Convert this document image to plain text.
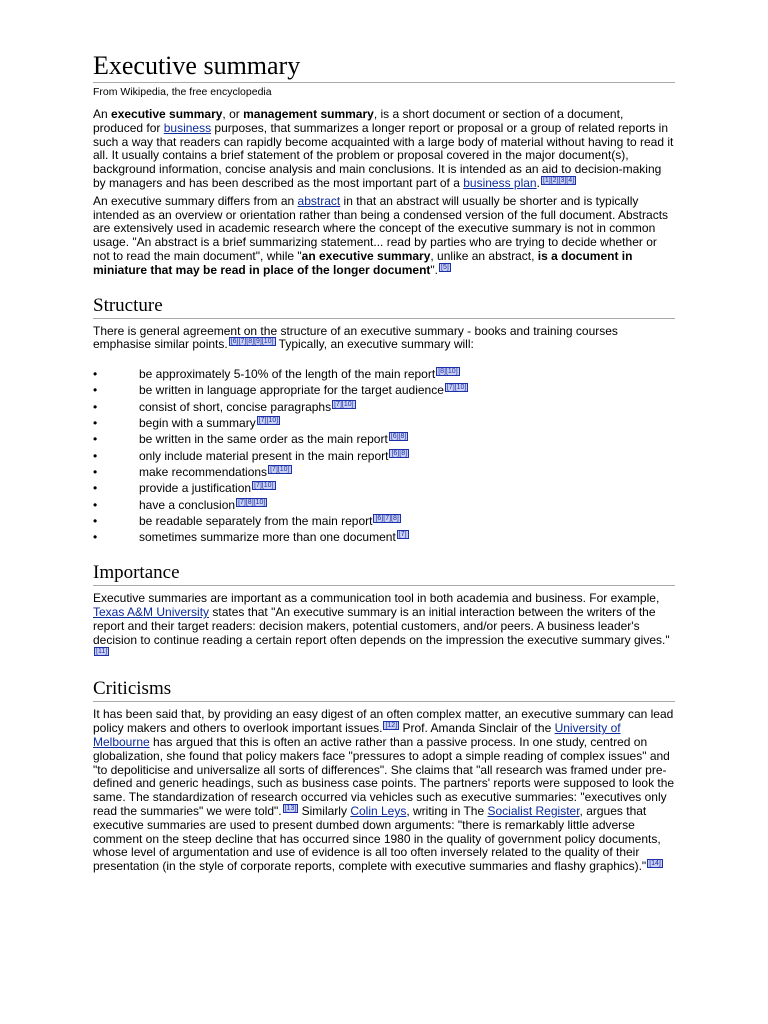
Executive summary
From Wikipedia, the free encyclopedia

An executive summary, or management summary, is a short document or section of a document, produced for business purposes, that summarizes a longer report or proposal or a group of related reports in such a way that readers can rapidly become acquainted with a large body of material without having to read it all. It usually contains a brief statement of the problem or proposal covered in the major document(s), background information, concise analysis and main conclusions. It is intended as an aid to decision-making by managers and has been described as the most important part of a business plan. [1][2][3][4]

An executive summary differs from an abstract in that an abstract will usually be shorter and is typically intended as an overview or orientation rather than being a condensed version of the full document. Abstracts are extensively used in academic research where the concept of the executive summary is not in common usage. "An abstract is a brief summarizing statement... read by parties who are trying to decide whether or not to read the main document", while "an executive summary, unlike an abstract, is a document in miniature that may be read in place of the longer document". [5]

Structure

There is general agreement on the structure of an executive summary - books and training courses emphasise similar points. [6][7][8][9][10] Typically, an executive summary will:

•	be approximately 5-10% of the length of the main report [8][10]
•	be written in language appropriate for the target audience [7][10]
•	consist of short, concise paragraphs [7][10]
•	begin with a summary [7][10]
•	be written in the same order as the main report [6][8]
•	only include material present in the main report [6][8]
•	make recommendations [7][10]
•	provide a justification [7][10]
•	have a conclusion [7][8][10]
•	be readable separately from the main report [6][7][8]
•	sometimes summarize more than one document [7]
Importance

Executive summaries are important as a communication tool in both academia and business. For example, Texas A&M University states that "An executive summary is an initial interaction between the writers of the report and their target readers: decision makers, potential customers, and/or peers. A business leader's decision to continue reading a certain report often depends on the impression the executive summary gives."[11]

Criticisms

It has been said that, by providing an easy digest of an often complex matter, an executive summary can lead policy makers and others to overlook important issues. [12] Prof. Amanda Sinclair of the University of Melbourne has argued that this is often an active rather than a passive process. In one study, centred on globalization, she found that policy makers face "pressures to adopt a simple reading of complex issues" and "to depoliticise and universalize all sorts of differences". She claims that "all research was framed under pre-defined and generic headings, such as business case points. The partners' reports were supposed to look the same. The standardization of research occurred via vehicles such as executive summaries: "executives only read the summaries" we were told". [13] Similarly Colin Leys, writing in The Socialist Register, argues that executive summaries are used to present dumbed down arguments: "there is remarkably little adverse comment on the steep decline that has occurred since 1980 in the quality of government policy documents, whose level of argumentation and use of evidence is all too often inversely related to the quality of their presentation (in the style of corporate reports, complete with executive summaries and flashy graphics)." [14]
